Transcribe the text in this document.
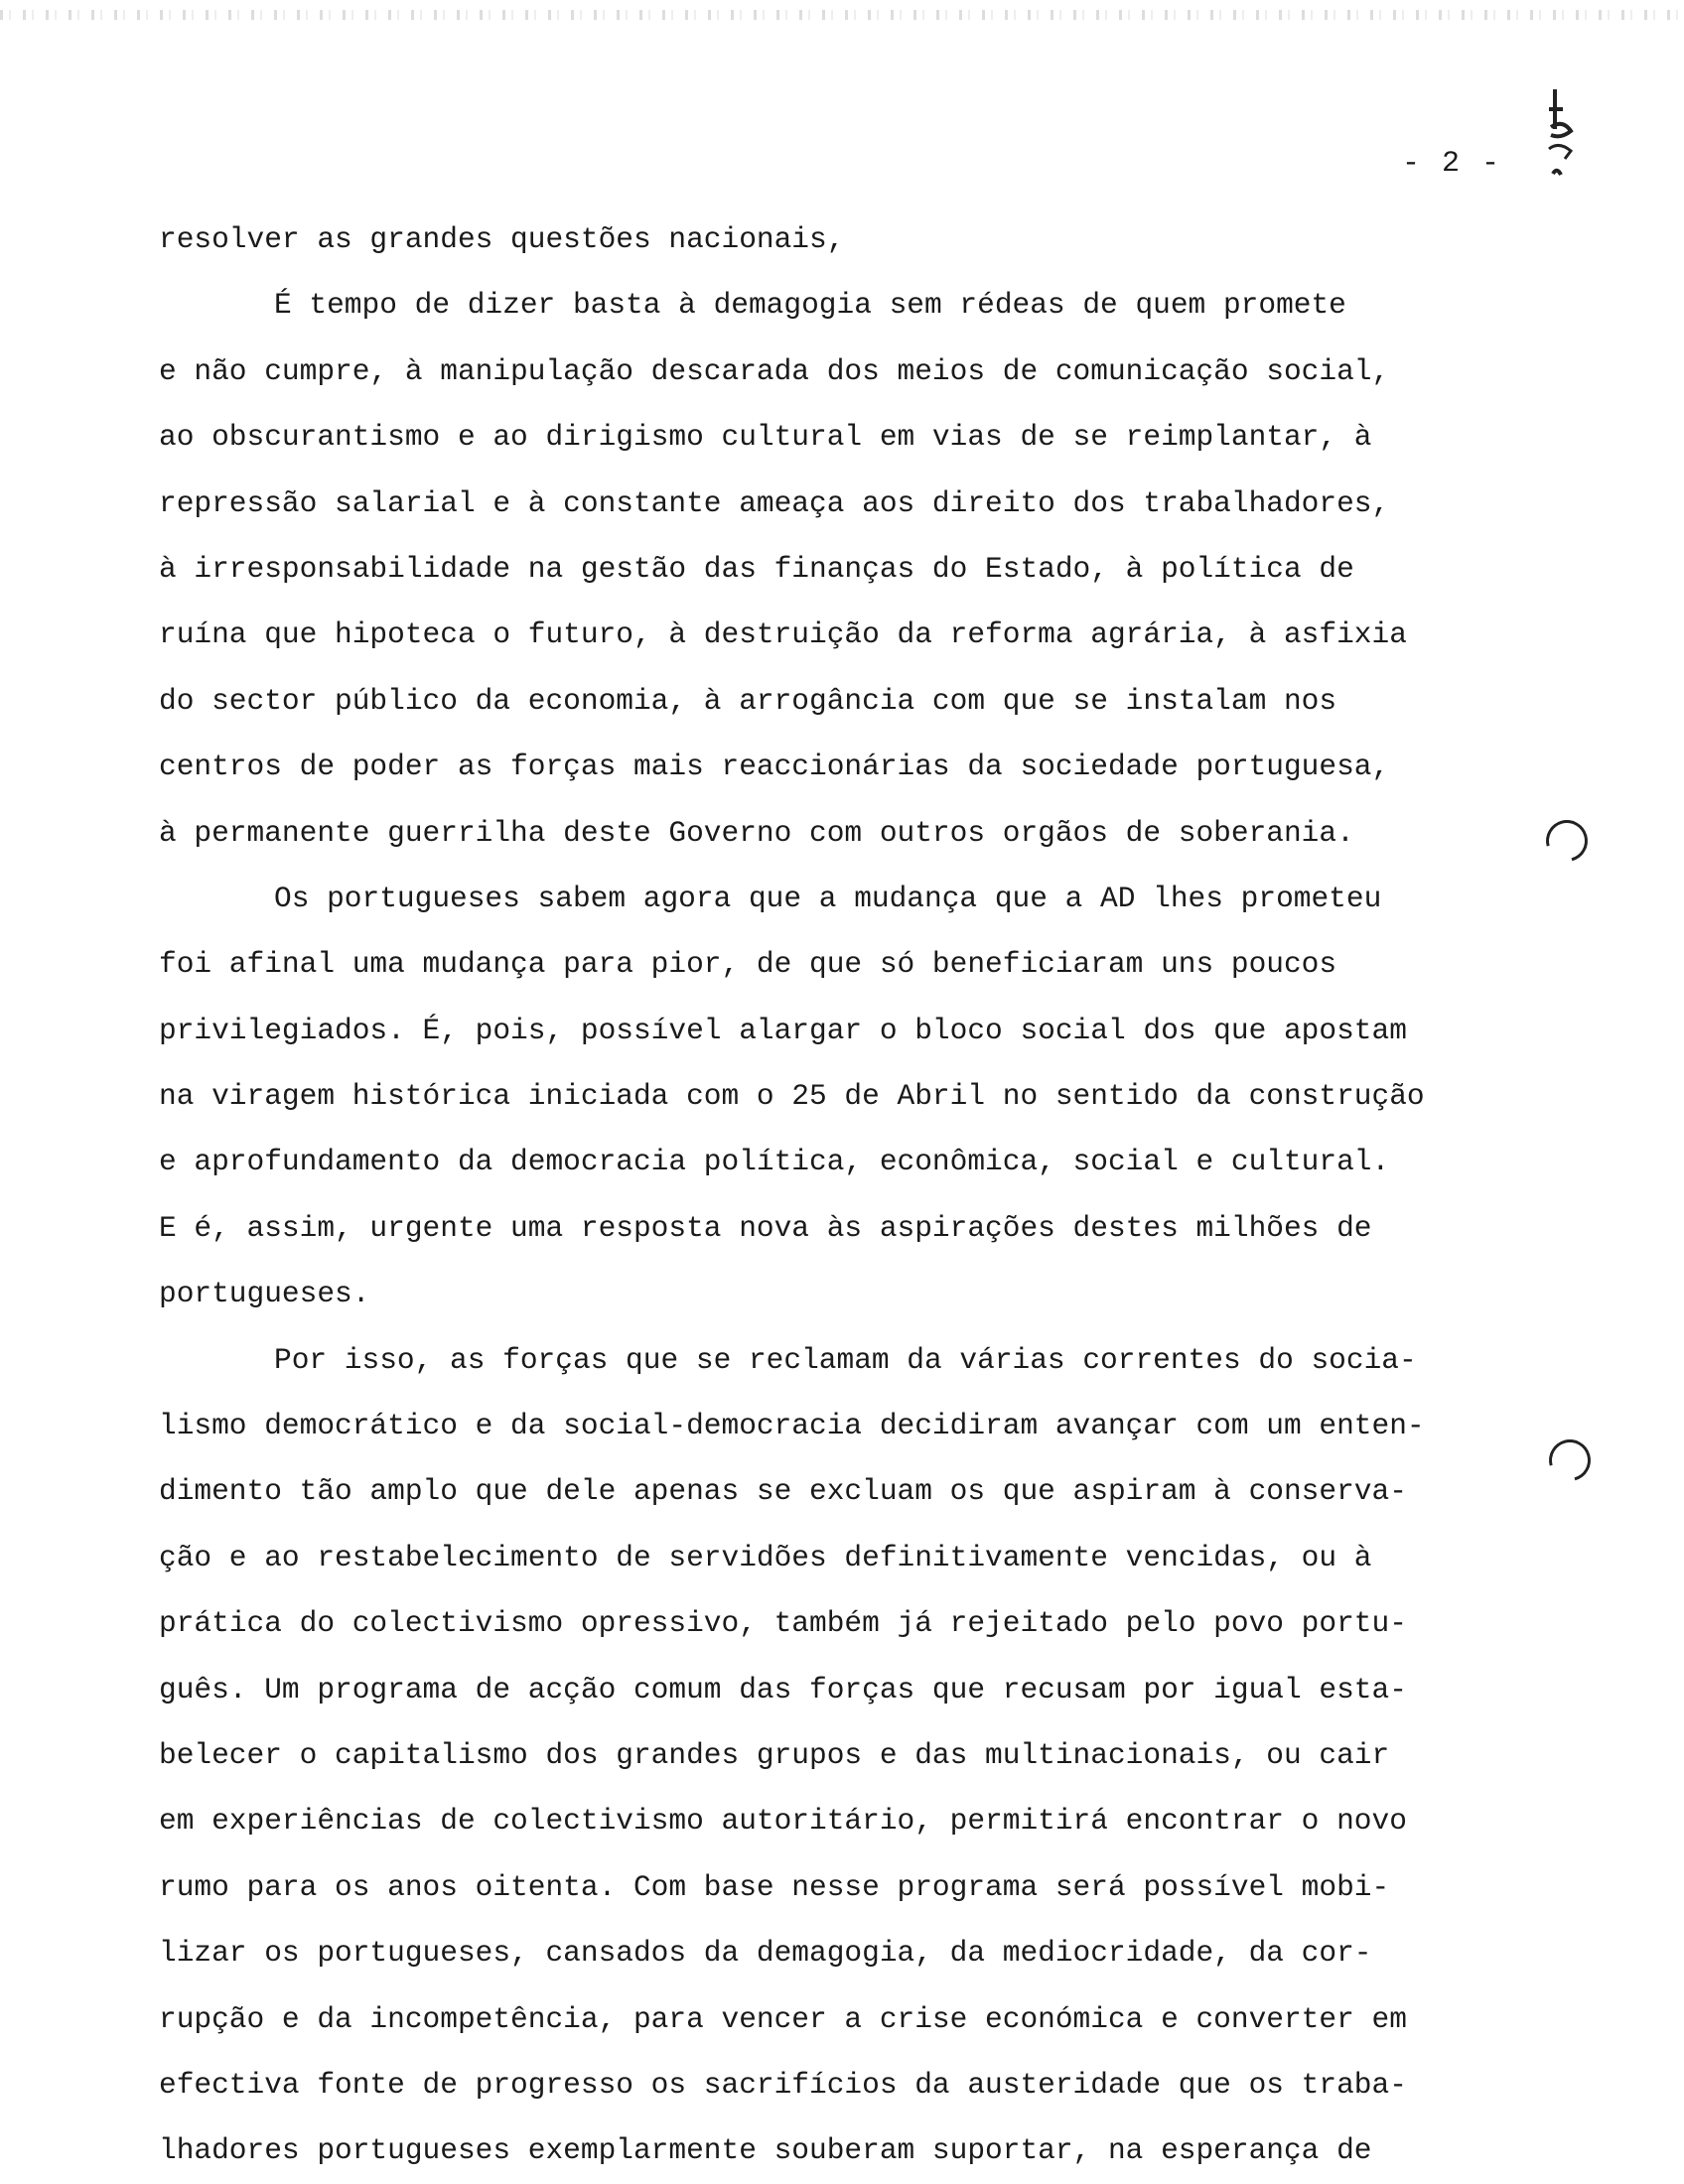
- 2 -
resolver as grandes questões nacionais,
É tempo de dizer basta à demagogia sem rédeas de quem promete
e não cumpre, à manipulação descarada dos meios de comunicação social,
ao obscurantismo e ao dirigismo cultural em vias de se reimplantar, à
repressão salarial e à constante ameaça aos direito dos trabalhadores,
à irresponsabilidade na gestão das finanças do Estado, à política de
ruína que hipoteca o futuro, à destruição da reforma agrária, à asfixia
do sector público da economia, à arrogância com que se instalam nos
centros de poder as forças mais reaccionárias da sociedade portuguesa,
à permanente guerrilha deste Governo com outros orgãos de soberania.
Os portugueses sabem agora que a mudança que a AD lhes prometeu
foi afinal uma mudança para pior, de que só beneficiaram uns poucos
privilegiados. É, pois, possível alargar o bloco social dos que apostam
na viragem histórica iniciada com o 25 de Abril no sentido da construção
e aprofundamento da democracia política, econômica, social e cultural.
E é, assim, urgente uma resposta nova às aspirações destes milhões de
portugueses.
Por isso, as forças que se reclamam da várias correntes do socia-
lismo democrático e da social-democracia decidiram avançar com um enten-
dimento tão amplo que dele apenas se excluam os que aspiram à conserva-
ção e ao restabelecimento de servidões definitivamente vencidas, ou à
prática do colectivismo opressivo, também já rejeitado pelo povo portu-
guês. Um programa de acção comum das forças que recusam por igual esta-
belecer o capitalismo dos grandes grupos e das multinacionais, ou cair
em experiências de colectivismo autoritário, permitirá encontrar o novo
rumo para os anos oitenta. Com base nesse programa será possível mobi-
lizar os portugueses, cansados da demagogia, da mediocridade, da cor-
rupção e da incompetência, para vencer a crise económica e converter em
efectiva fonte de progresso os sacrifícios da austeridade que os traba-
lhadores portugueses exemplarmente souberam suportar, na esperança de
